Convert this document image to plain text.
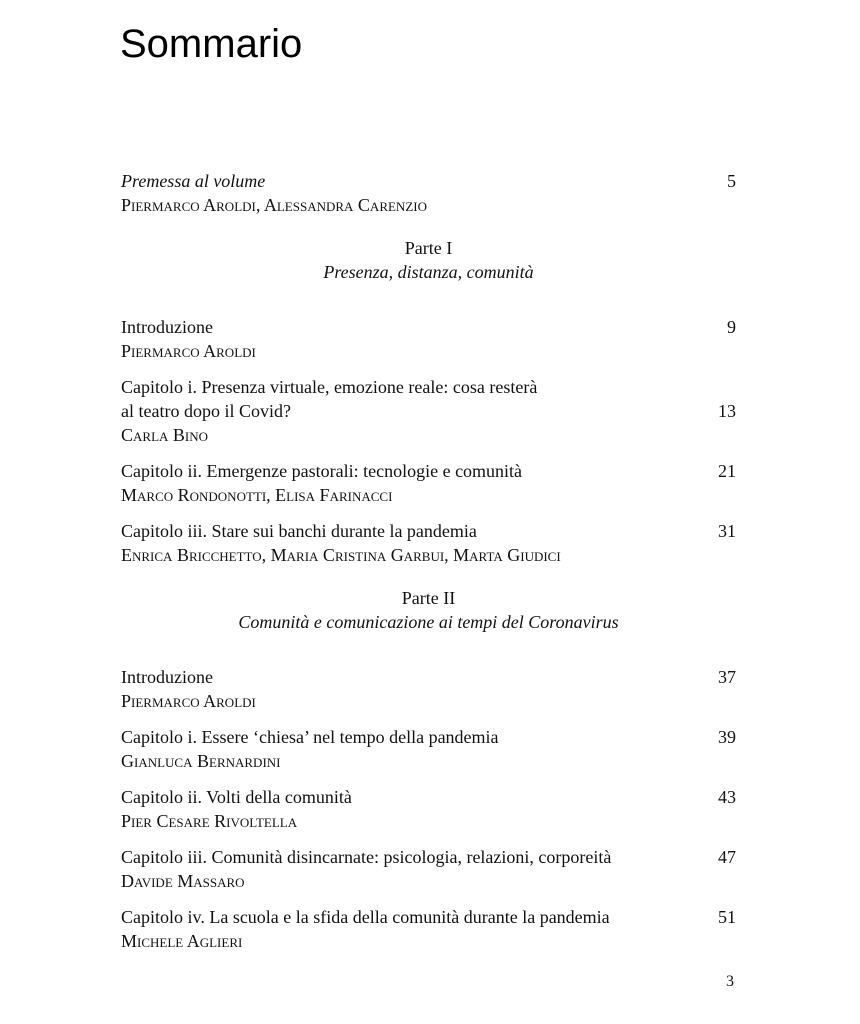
Sommario
Premessa al volume
Piermarco Aroldi, Alessandra Carenzio
5
Parte I
Presenza, distanza, comunità
Introduzione
Piermarco Aroldi
9
Capitolo i. Presenza virtuale, emozione reale: cosa resterà
al teatro dopo il Covid?
Carla Bino
13
Capitolo ii. Emergenze pastorali: tecnologie e comunità
Marco Rondonotti, Elisa Farinacci
21
Capitolo iii. Stare sui banchi durante la pandemia
Enrica Bricchetto, Maria Cristina Garbui, Marta Giudici
31
Parte II
Comunità e comunicazione ai tempi del Coronavirus
Introduzione
Piermarco Aroldi
37
Capitolo i. Essere ‘chiesa’ nel tempo della pandemia
Gianluca Bernardini
39
Capitolo ii. Volti della comunità
Pier Cesare Rivoltella
43
Capitolo iii. Comunità disincarnate: psicologia, relazioni, corporeità
Davide Massaro
47
Capitolo iv. La scuola e la sfida della comunità durante la pandemia
Michele Aglieri
51
3
